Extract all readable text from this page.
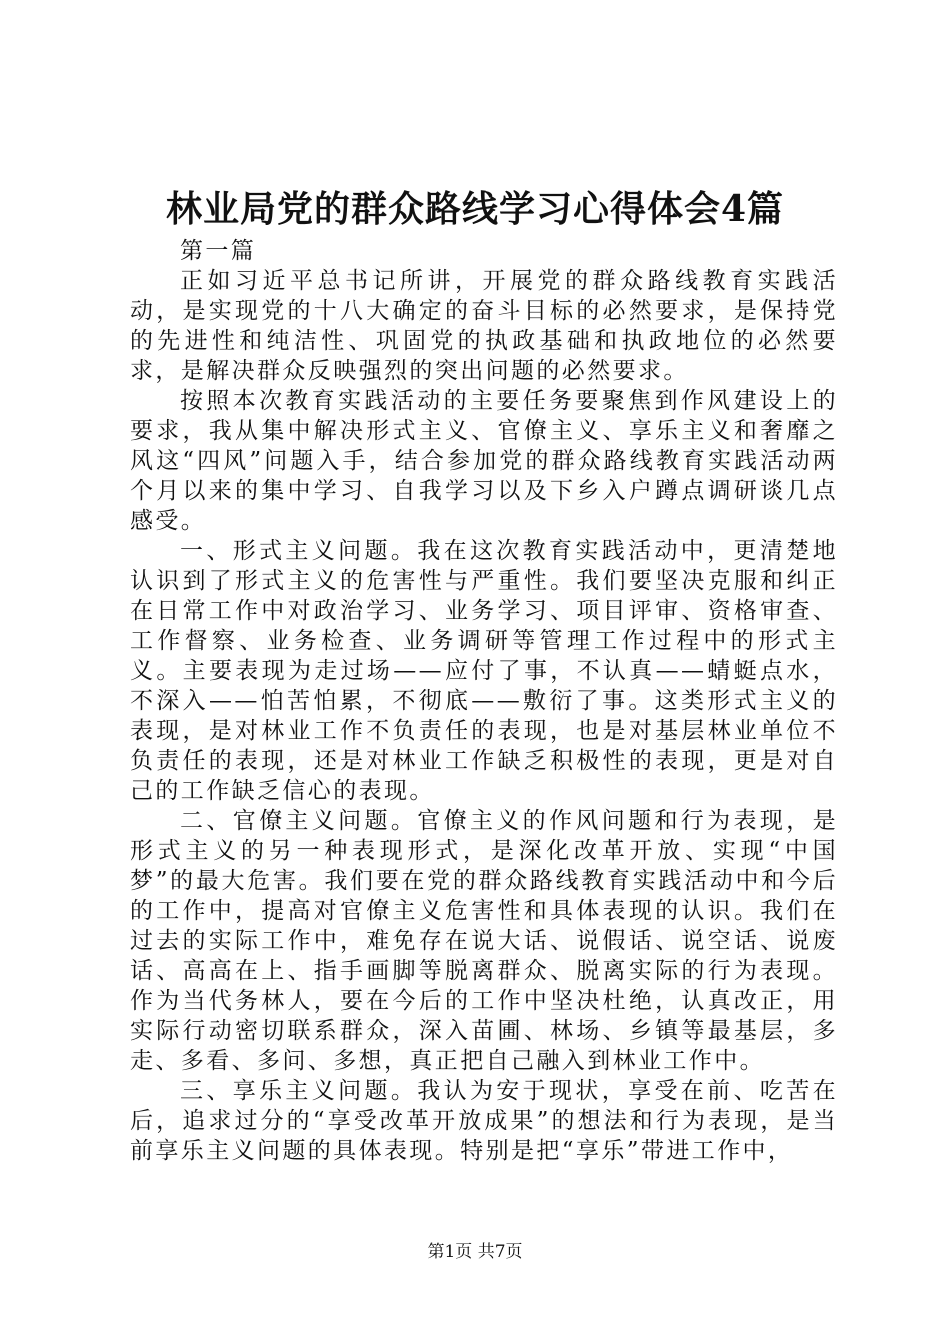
林业局党的群众路线学习心得体会4篇

第一篇

正如习近平总书记所讲，开展党的群众路线教育实践活动，是实现党的十八大确定的奋斗目标的必然要求，是保持党的先进性和纯洁性、巩固党的执政基础和执政地位的必然要求，是解决群众反映强烈的突出问题的必然要求。

按照本次教育实践活动的主要任务要聚焦到作风建设上的要求，我从集中解决形式主义、官僚主义、享乐主义和奢靡之风这“四风”问题入手，结合参加党的群众路线教育实践活动两个月以来的集中学习、自我学习以及下乡入户蹲点调研谈几点感受。

一、形式主义问题。我在这次教育实践活动中，更清楚地认识到了形式主义的危害性与严重性。我们要坚决克服和纠正在日常工作中对政治学习、业务学习、项目评审、资格审查、工作督察、业务检查、业务调研等管理工作过程中的形式主义。主要表现为走过场——应付了事，不认真——蜻蜓点水，不深入——怕苦怕累，不彻底——敷衍了事。这类形式主义的表现，是对林业工作不负责任的表现，也是对基层林业单位不负责任的表现，还是对林业工作缺乏积极性的表现，更是对自己的工作缺乏信心的表现。

二、官僚主义问题。官僚主义的作风问题和行为表现，是形式主义的另一种表现形式，是深化改革开放、实现“中国梦”的最大危害。我们要在党的群众路线教育实践活动中和今后的工作中，提高对官僚主义危害性和具体表现的认识。我们在过去的实际工作中，难免存在说大话、说假话、说空话、说废话、高高在上、指手画脚等脱离群众、脱离实际的行为表现。作为当代务林人，要在今后的工作中坚决杜绝，认真改正，用实际行动密切联系群众，深入苗圃、林场、乡镇等最基层，多走、多看、多问、多想，真正把自己融入到林业工作中。

三、享乐主义问题。我认为安于现状，享受在前、吃苦在后，追求过分的“享受改革开放成果”的想法和行为表现，是当前享乐主义问题的具体表现。特别是把“享乐”带进工作中，

第1页 共7页
